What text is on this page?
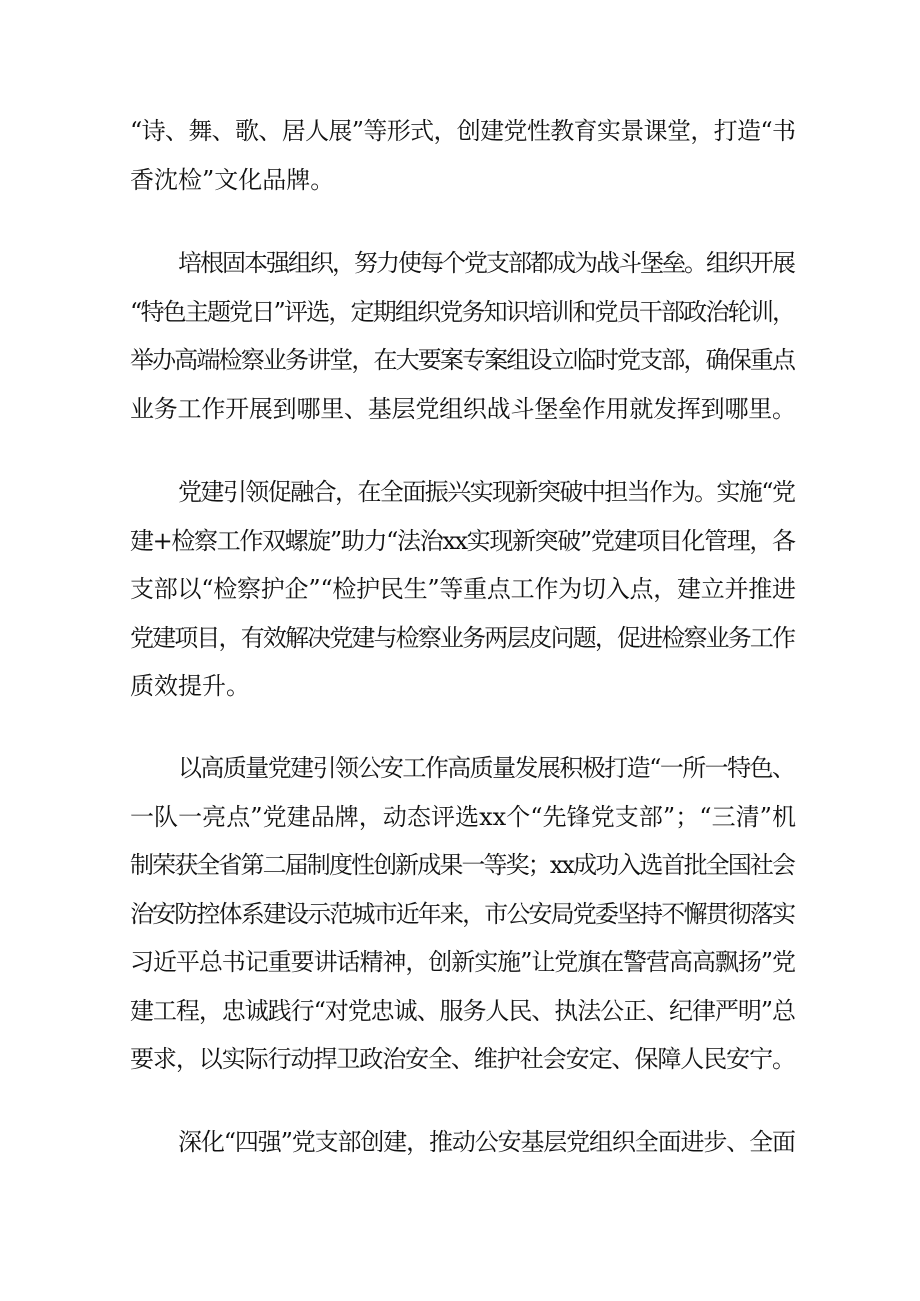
“诗、舞、歌、居人展”等形式，创建党性教育实景课堂，打造“书
香沈检”文化品牌。
培根固本强组织，努力使每个党支部都成为战斗堡垒。组织开展
“特色主题党日”评选，定期组织党务知识培训和党员干部政治轮训，
举办高端检察业务讲堂，在大要案专案组设立临时党支部，确保重点
业务工作开展到哪里、基层党组织战斗堡垒作用就发挥到哪里。
党建引领促融合，在全面振兴实现新突破中担当作为。实施“党
建+检察工作双螺旋”助力“法治xx实现新突破”党建项目化管理，各
支部以“检察护企”“检护民生”等重点工作为切入点，建立并推进
党建项目，有效解决党建与检察业务两层皮问题，促进检察业务工作
质效提升。
以高质量党建引领公安工作高质量发展积极打造“一所一特色、
一队一亮点”党建品牌，动态评选xx个“先锋党支部”；“三清”机
制荣获全省第二届制度性创新成果一等奖；xx成功入选首批全国社会
治安防控体系建设示范城市近年来，市公安局党委坚持不懈贯彻落实
习近平总书记重要讲话精神，创新实施”让党旗在警营高高飘扬”党
建工程，忠诚践行“对党忠诚、服务人民、执法公正、纪律严明”总
要求，以实际行动捍卫政治安全、维护社会安定、保障人民安宁。
深化“四强”党支部创建，推动公安基层党组织全面进步、全面
